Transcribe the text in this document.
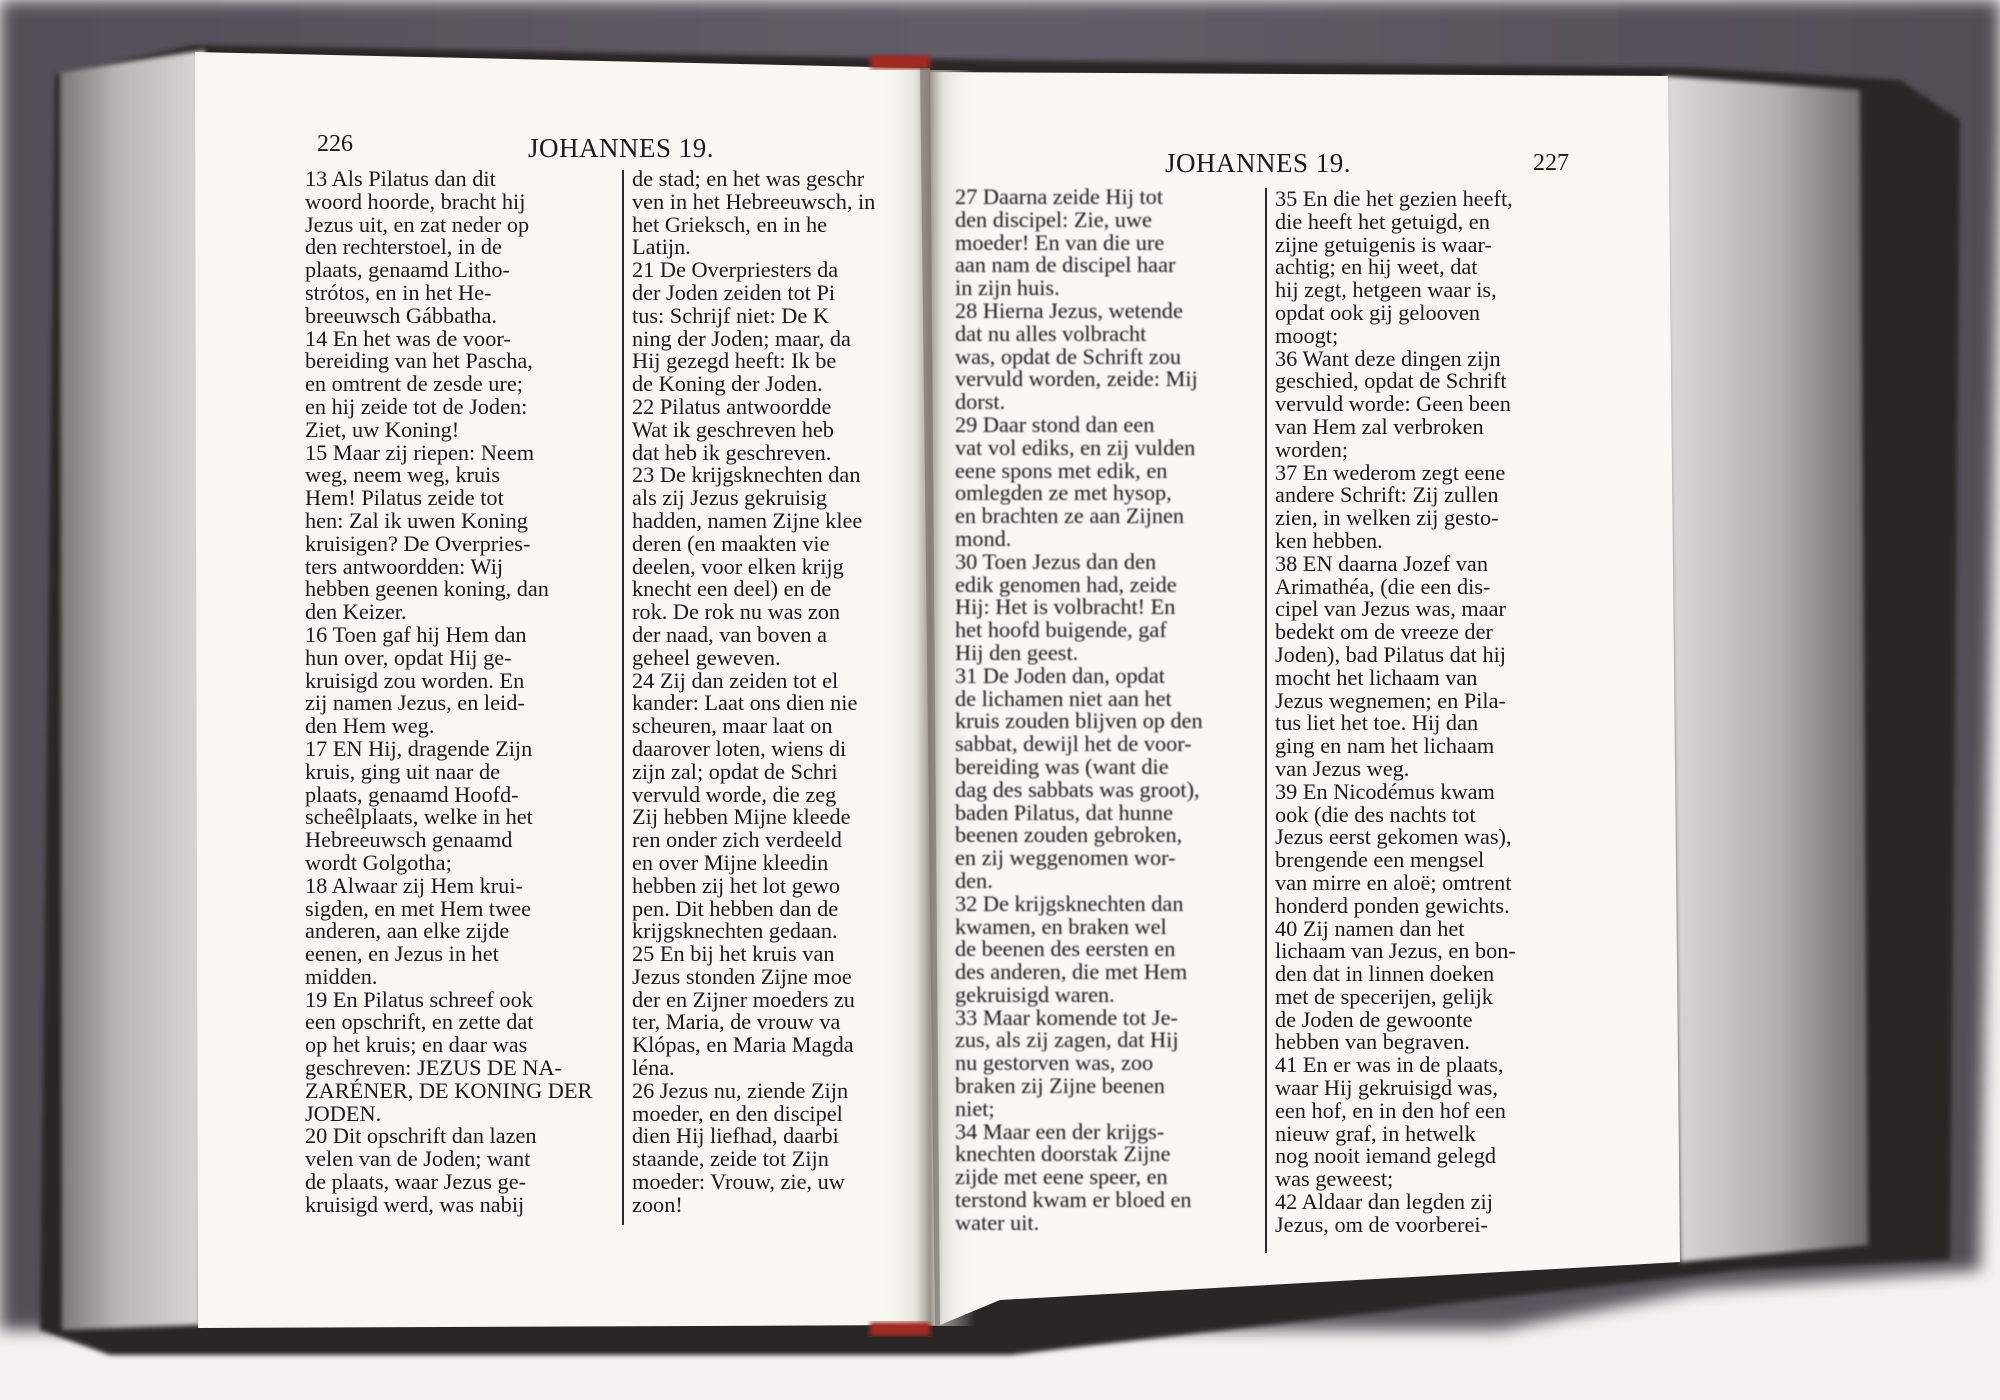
226	JOHANNES 19.	JOHANNES 19.	227
13 Als Pilatus dan dit
woord hoorde, bracht hij
Jezus uit, en zat neder op
den rechterstoel, in de
plaats, genaamd Litho-
strótos, en in het He-
breeuwsch Gábbatha.
14 En het was de voor-
bereiding van het Pascha,
en omtrent de zesde ure;
en hij zeide tot de Joden:
Ziet, uw Koning!
15 Maar zij riepen: Neem
weg, neem weg, kruis
Hem! Pilatus zeide tot
hen: Zal ik uwen Koning
kruisigen? De Overpries-
ters antwoordden: Wij
hebben geenen koning, dan
den Keizer.
16 Toen gaf hij Hem dan
hun over, opdat Hij ge-
kruisigd zou worden. En
zij namen Jezus, en leid-
den Hem weg.
17 EN Hij, dragende Zijn
kruis, ging uit naar de
plaats, genaamd Hoofd-
scheêlplaats, welke in het
Hebreeuwsch genaamd
wordt Golgotha;
18 Alwaar zij Hem krui-
sigden, en met Hem twee
anderen, aan elke zijde
eenen, en Jezus in het
midden.
19 En Pilatus schreef ook
een opschrift, en zette dat
op het kruis; en daar was
geschreven: JEZUS DE NA-
ZARÉNER, DE KONING DER
JODEN.
20 Dit opschrift dan lazen
velen van de Joden; want
de plaats, waar Jezus ge-
kruisigd werd, was nabij
de stad; en het was geschr
ven in het Hebreeuwsch, in
het Grieksch, en in he
Latijn.
21 De Overpriesters da
der Joden zeiden tot Pi
tus: Schrijf niet: De K
ning der Joden; maar, da
Hij gezegd heeft: Ik be
de Koning der Joden.
22 Pilatus antwoordde
Wat ik geschreven heb
dat heb ik geschreven.
23 De krijgsknechten dan
als zij Jezus gekruisig
hadden, namen Zijne klee
deren (en maakten vie
deelen, voor elken krijg
knecht een deel) en de
rok. De rok nu was zon
der naad, van boven a
geheel geweven.
24 Zij dan zeiden tot el
kander: Laat ons dien nie
scheuren, maar laat on
daarover loten, wiens di
zijn zal; opdat de Schri
vervuld worde, die zeg
Zij hebben Mijne kleede
ren onder zich verdeeld
en over Mijne kleedin
hebben zij het lot gewo
pen. Dit hebben dan de
krijgsknechten gedaan.
25 En bij het kruis van
Jezus stonden Zijne moe
der en Zijner moeders zu
ter, Maria, de vrouw va
Klópas, en Maria Magda
léna.
26 Jezus nu, ziende Zijn
moeder, en den discipel
dien Hij liefhad, daarbi
staande, zeide tot Zijn
moeder: Vrouw, zie, uw
zoon!
27 Daarna zeide Hij tot
den discipel: Zie, uwe
moeder! En van die ure
aan nam de discipel haar
in zijn huis.
28 Hierna Jezus, wetende
dat nu alles volbracht
was, opdat de Schrift zou
vervuld worden, zeide: Mij
dorst.
29 Daar stond dan een
vat vol ediks, en zij vulden
eene spons met edik, en
omlegden ze met hysop,
en brachten ze aan Zijnen
mond.
30 Toen Jezus dan den
edik genomen had, zeide
Hij: Het is volbracht! En
het hoofd buigende, gaf
Hij den geest.
31 De Joden dan, opdat
de lichamen niet aan het
kruis zouden blijven op den
sabbat, dewijl het de voor-
bereiding was (want die
dag des sabbats was groot),
baden Pilatus, dat hunne
beenen zouden gebroken,
en zij weggenomen wor-
den.
32 De krijgsknechten dan
kwamen, en braken wel
de beenen des eersten en
des anderen, die met Hem
gekruisigd waren.
33 Maar komende tot Je-
zus, als zij zagen, dat Hij
nu gestorven was, zoo
braken zij Zijne beenen
niet;
34 Maar een der krijgs-
knechten doorstak Zijne
zijde met eene speer, en
terstond kwam er bloed en
water uit.
35 En die het gezien heeft,
die heeft het getuigd, en
zijne getuigenis is waar-
achtig; en hij weet, dat
hij zegt, hetgeen waar is,
opdat ook gij gelooven
moogt;
36 Want deze dingen zijn
geschied, opdat de Schrift
vervuld worde: Geen been
van Hem zal verbroken
worden;
37 En wederom zegt eene
andere Schrift: Zij zullen
zien, in welken zij gesto-
ken hebben.
38 EN daarna Jozef van
Arimathéa, (die een dis-
cipel van Jezus was, maar
bedekt om de vreeze der
Joden), bad Pilatus dat hij
mocht het lichaam van
Jezus wegnemen; en Pila-
tus liet het toe. Hij dan
ging en nam het lichaam
van Jezus weg.
39 En Nicodémus kwam
ook (die des nachts tot
Jezus eerst gekomen was),
brengende een mengsel
van mirre en aloë; omtrent
honderd ponden gewichts.
40 Zij namen dan het
lichaam van Jezus, en bon-
den dat in linnen doeken
met de specerijen, gelijk
de Joden de gewoonte
hebben van begraven.
41 En er was in de plaats,
waar Hij gekruisigd was,
een hof, en in den hof een
nieuw graf, in hetwelk
nog nooit iemand gelegd
was geweest;
42 Aldaar dan legden zij
Jezus, om de voorberei-
